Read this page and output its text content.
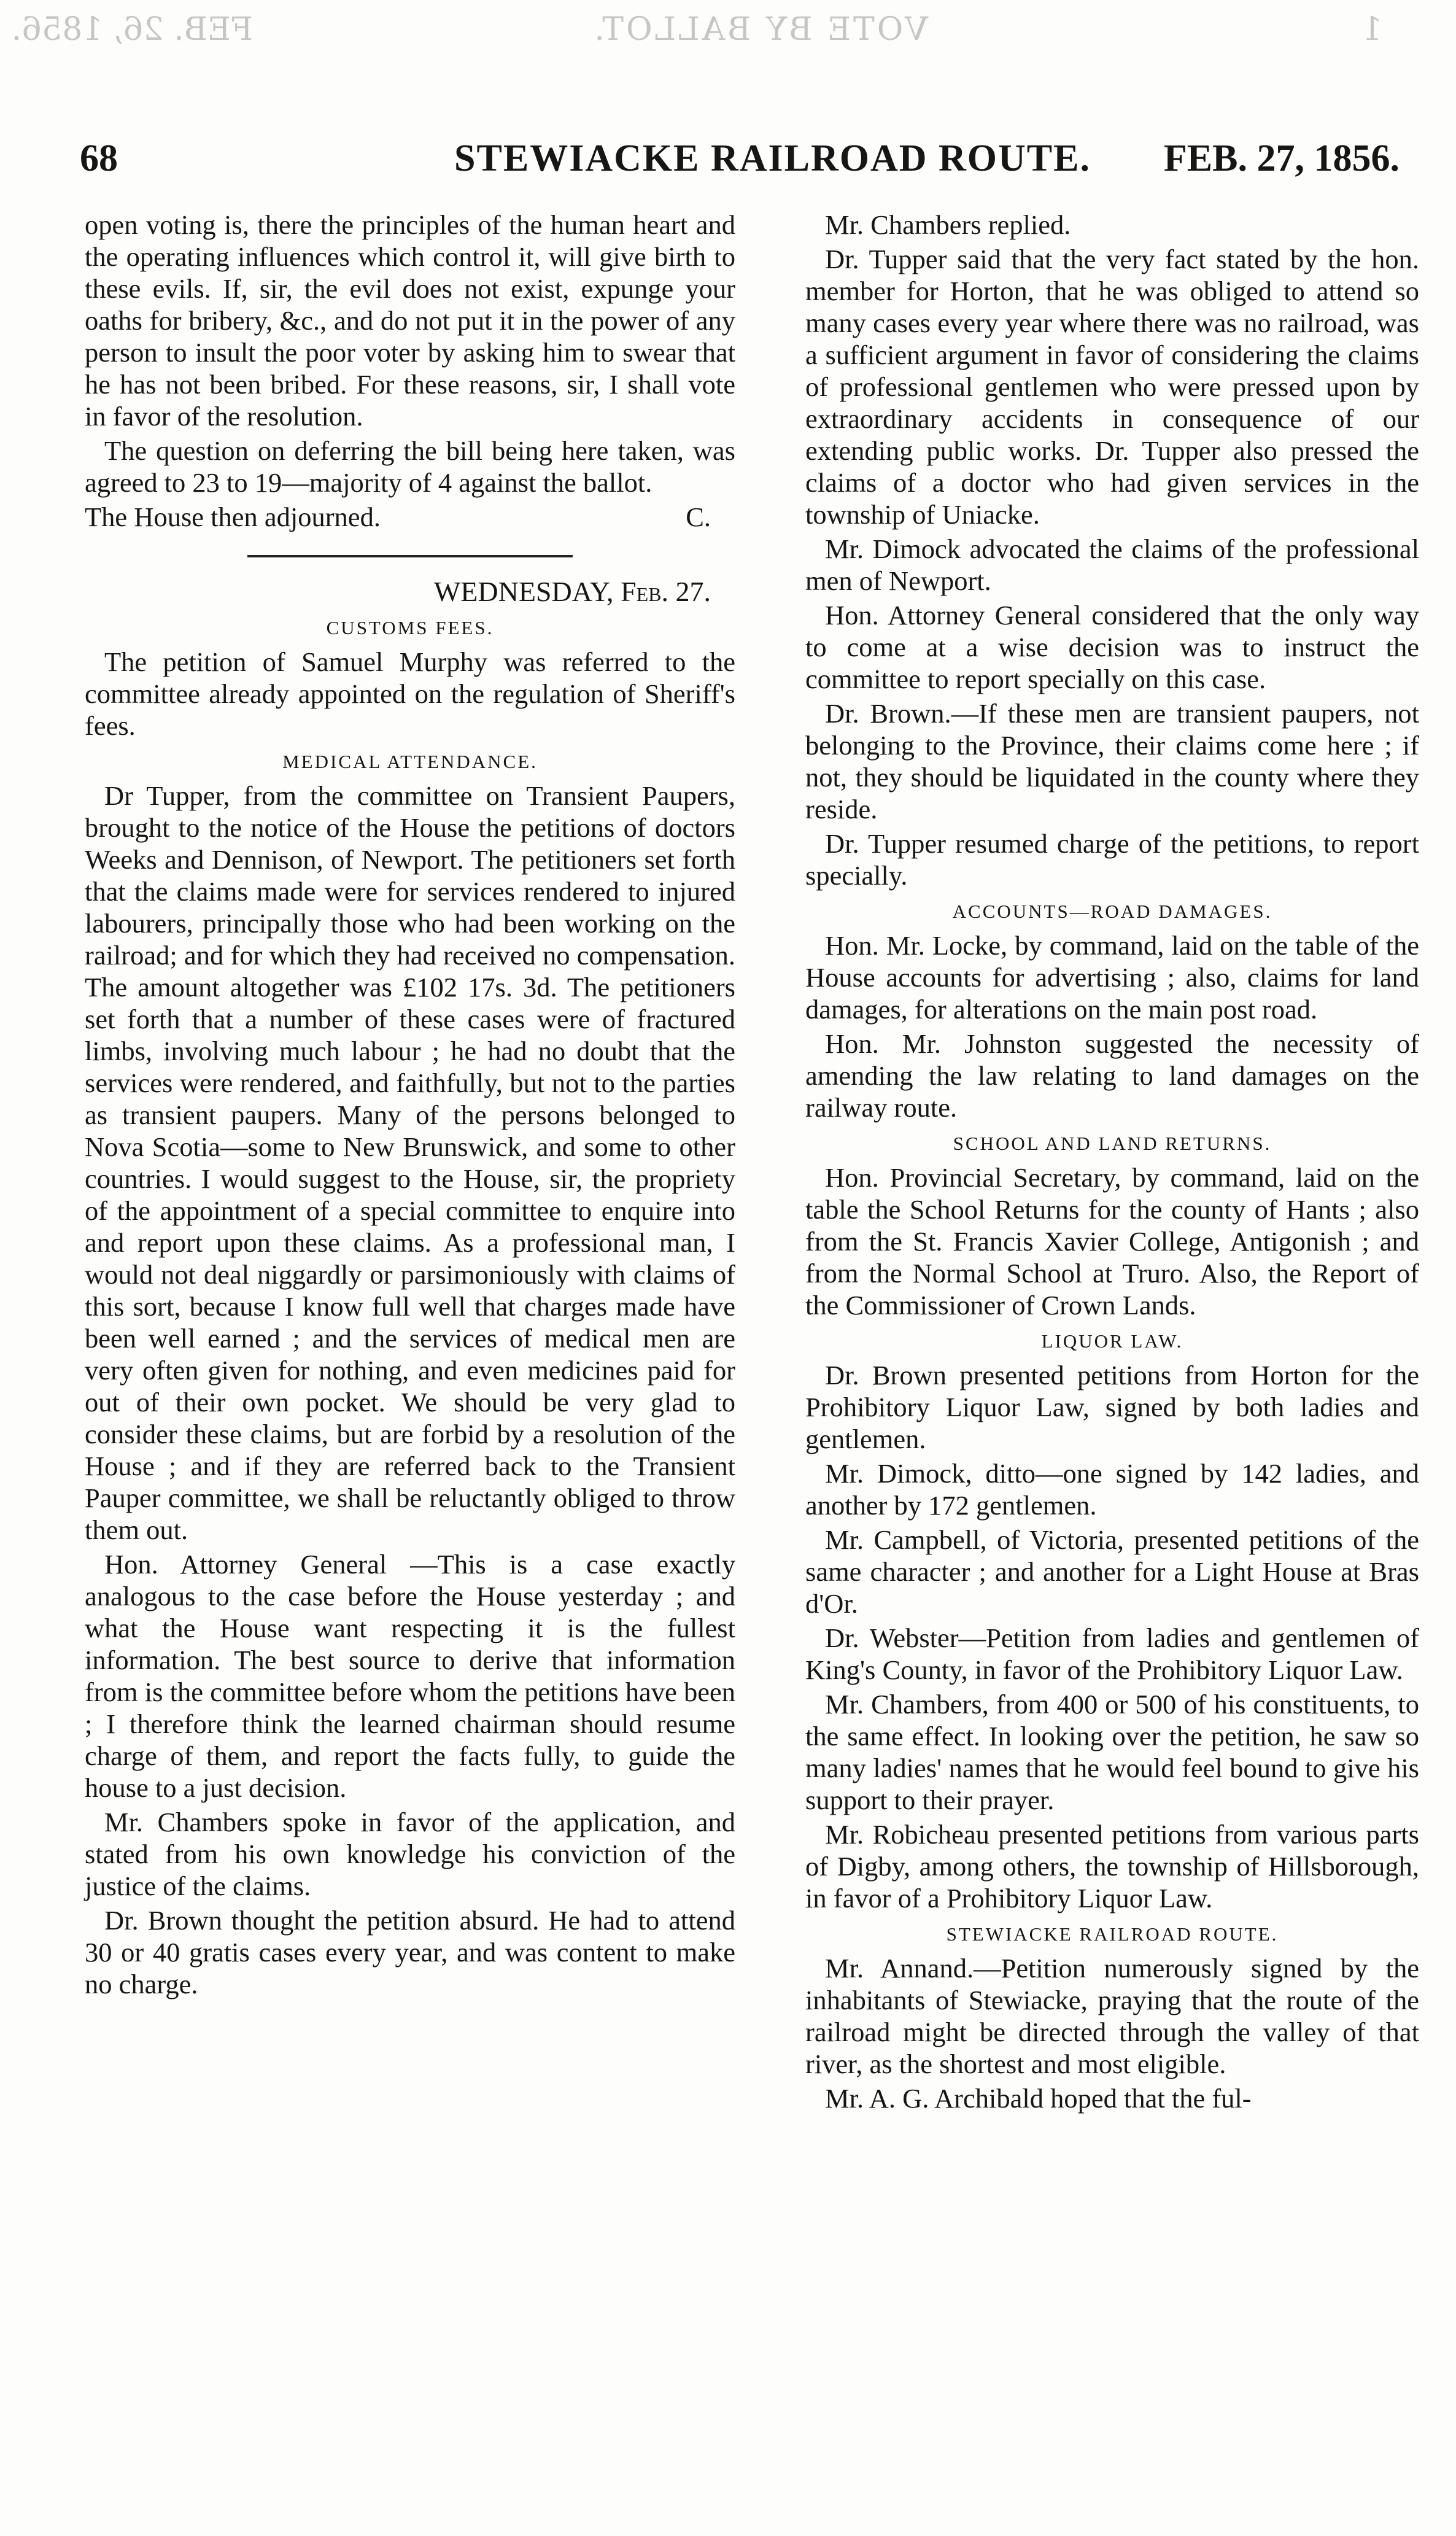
1
VOTE BY BALLOT.
FEB. 26, 1856.
68	STEWIACKE RAILROAD ROUTE. FEB. 27, 1856.

open voting is, there the principles of the human heart and the operating influences which control it, will give birth to these evils. If, sir, the evil does not exist, expunge your oaths for bribery, &c., and do not put it in the power of any person to insult the poor voter by asking him to swear that he has not been bribed. For these reasons, sir, I shall vote in favor of the resolution.

The question on deferring the bill being here taken, was agreed to 23 to 19—majority of 4 against the ballot.

The House then adjourned.	C.

WEDNESDAY, Feb. 27.
CUSTOMS FEES.

The petition of Samuel Murphy was referred to the committee already appointed on the regulation of Sheriff's fees.

MEDICAL ATTENDANCE.

Dr Tupper, from the committee on Transient Paupers, brought to the notice of the House the petitions of doctors Weeks and Dennison, of Newport. The petitioners set forth that the claims made were for services rendered to injured labourers, principally those who had been working on the railroad; and for which they had received no compensation. The amount altogether was £102 17s. 3d. The petitioners set forth that a number of these cases were of fractured limbs, involving much labour ; he had no doubt that the services were rendered, and faithfully, but not to the parties as transient paupers. Many of the persons belonged to Nova Scotia—some to New Brunswick, and some to other countries. I would suggest to the House, sir, the propriety of the appointment of a special committee to enquire into and report upon these claims. As a professional man, I would not deal niggardly or parsimoniously with claims of this sort, because I know full well that charges made have been well earned ; and the services of medical men are very often given for nothing, and even medicines paid for out of their own pocket. We should be very glad to consider these claims, but are forbid by a resolution of the House ; and if they are referred back to the Transient Pauper committee, we shall be reluctantly obliged to throw them out.

Hon. Attorney General —This is a case exactly analogous to the case before the House yesterday ; and what the House want respecting it is the fullest information. The best source to derive that information from is the committee before whom the petitions have been ; I therefore think the learned chairman should resume charge of them, and report the facts fully, to guide the house to a just decision.

Mr. Chambers spoke in favor of the application, and stated from his own knowledge his conviction of the justice of the claims.

Dr. Brown thought the petition absurd. He had to attend 30 or 40 gratis cases every year, and was content to make no charge.

Mr. Chambers replied.

Dr. Tupper said that the very fact stated by the hon. member for Horton, that he was obliged to attend so many cases every year where there was no railroad, was a sufficient argument in favor of considering the claims of professional gentlemen who were pressed upon by extraordinary accidents in consequence of our extending public works. Dr. Tupper also pressed the claims of a doctor who had given services in the township of Uniacke.

Mr. Dimock advocated the claims of the professional men of Newport.

Hon. Attorney General considered that the only way to come at a wise decision was to instruct the committee to report specially on this case.

Dr. Brown.—If these men are transient paupers, not belonging to the Province, their claims come here ; if not, they should be liquidated in the county where they reside.

Dr. Tupper resumed charge of the petitions, to report specially.

ACCOUNTS—ROAD DAMAGES.

Hon. Mr. Locke, by command, laid on the table of the House accounts for advertising ; also, claims for land damages, for alterations on the main post road.

Hon. Mr. Johnston suggested the necessity of amending the law relating to land damages on the railway route.

SCHOOL AND LAND RETURNS.

Hon. Provincial Secretary, by command, laid on the table the School Returns for the county of Hants ; also from the St. Francis Xavier College, Antigonish ; and from the Normal School at Truro. Also, the Report of the Commissioner of Crown Lands.

LIQUOR LAW.

Dr. Brown presented petitions from Horton for the Prohibitory Liquor Law, signed by both ladies and gentlemen.

Mr. Dimock, ditto—one signed by 142 ladies, and another by 172 gentlemen.

Mr. Campbell, of Victoria, presented petitions of the same character ; and another for a Light House at Bras d'Or.

Dr. Webster—Petition from ladies and gentlemen of King's County, in favor of the Prohibitory Liquor Law.

Mr. Chambers, from 400 or 500 of his constituents, to the same effect. In looking over the petition, he saw so many ladies' names that he would feel bound to give his support to their prayer.

Mr. Robicheau presented petitions from various parts of Digby, among others, the township of Hillsborough, in favor of a Prohibitory Liquor Law.

STEWIACKE RAILROAD ROUTE.

Mr. Annand.—Petition numerously signed by the inhabitants of Stewiacke, praying that the route of the railroad might be directed through the valley of that river, as the shortest and most eligible.

Mr. A. G. Archibald hoped that the ful-
